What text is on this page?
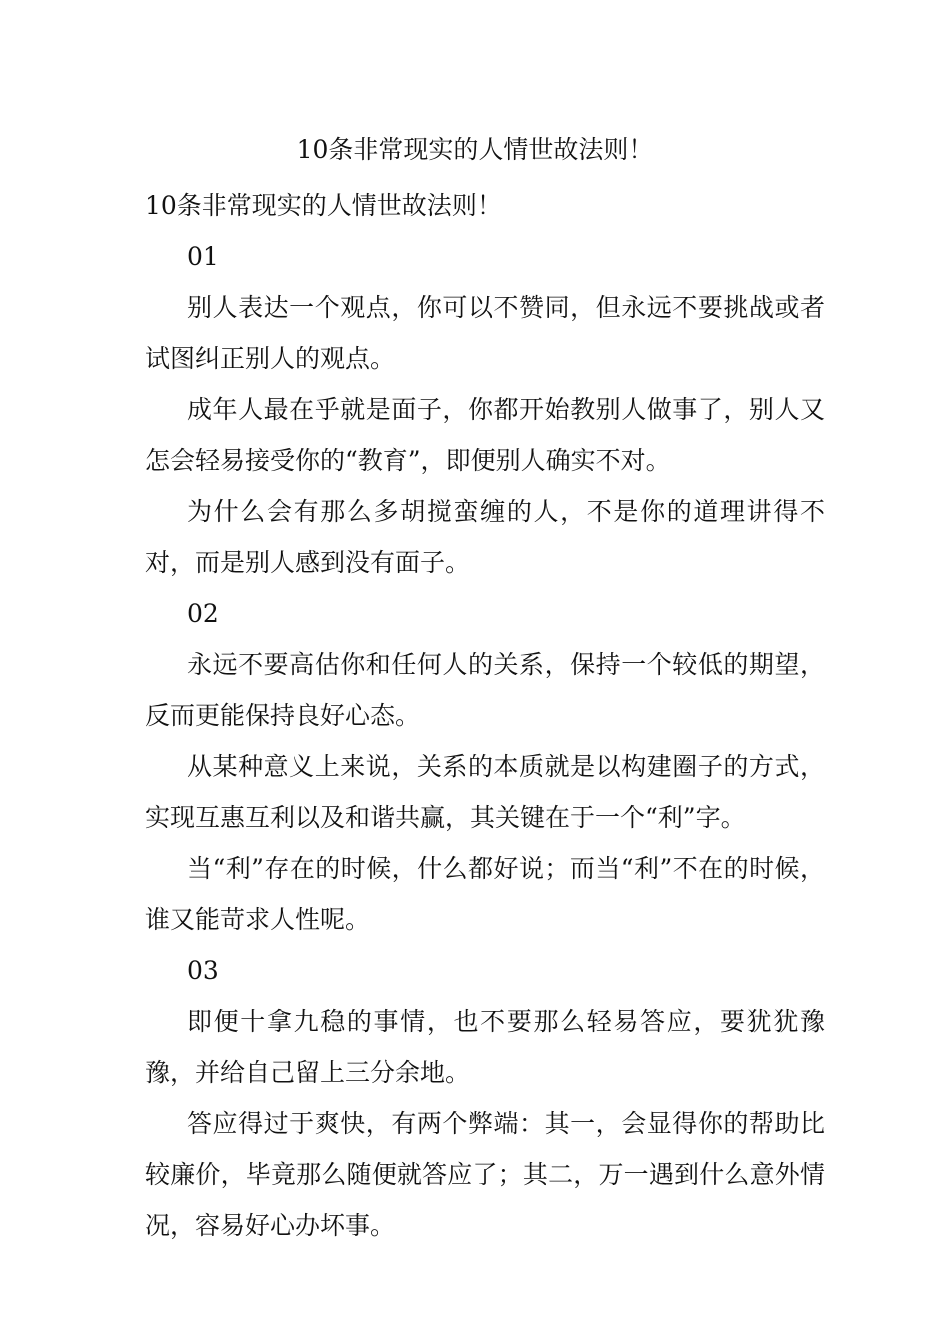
10条非常现实的人情世故法则！

10条非常现实的人情世故法则！

01

别人表达一个观点，你可以不赞同，但永远不要挑战或者试图纠正别人的观点。

成年人最在乎就是面子，你都开始教别人做事了，别人又怎会轻易接受你的“教育”，即便别人确实不对。

为什么会有那么多胡搅蛮缠的人，不是你的道理讲得不对，而是别人感到没有面子。

02

永远不要高估你和任何人的关系，保持一个较低的期望，反而更能保持良好心态。

从某种意义上来说，关系的本质就是以构建圈子的方式，实现互惠互利以及和谐共赢，其关键在于一个“利”字。

当“利”存在的时候，什么都好说；而当“利”不在的时候，谁又能苛求人性呢。

03

即便十拿九稳的事情，也不要那么轻易答应，要犹犹豫豫，并给自己留上三分余地。

答应得过于爽快，有两个弊端：其一，会显得你的帮助比较廉价，毕竟那么随便就答应了；其二，万一遇到什么意外情况，容易好心办坏事。
